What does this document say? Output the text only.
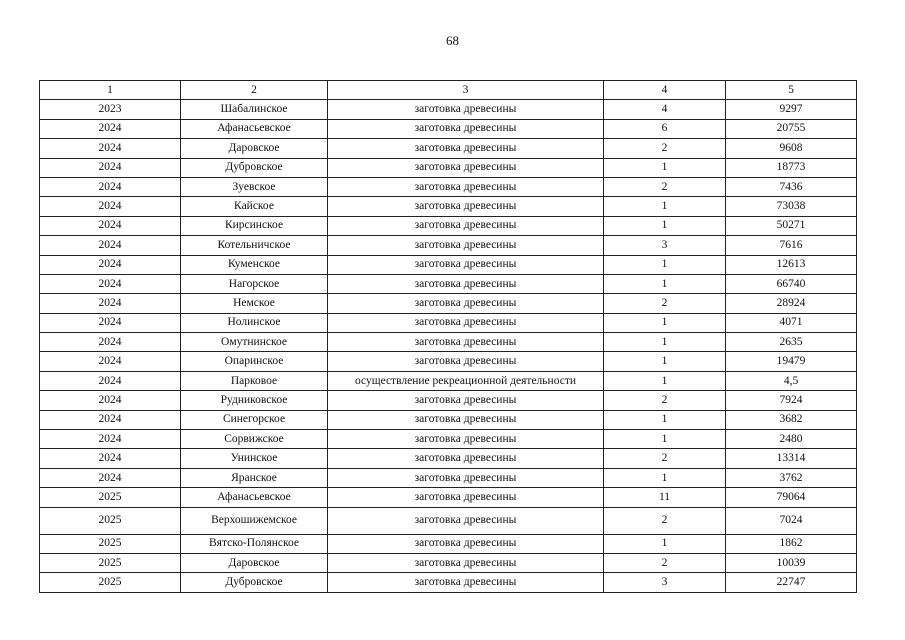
68
1	2	3	4	5
2023	Шабалинское	заготовка древесины	4	9297
2024	Афанасьевское	заготовка древесины	6	20755
2024	Даровское	заготовка древесины	2	9608
2024	Дубровское	заготовка древесины	1	18773
2024	Зуевское	заготовка древесины	2	7436
2024	Кайское	заготовка древесины	1	73038
2024	Кирсинское	заготовка древесины	1	50271
2024	Котельничское	заготовка древесины	3	7616
2024	Куменское	заготовка древесины	1	12613
2024	Нагорское	заготовка древесины	1	66740
2024	Немское	заготовка древесины	2	28924
2024	Нолинское	заготовка древесины	1	4071
2024	Омутнинское	заготовка древесины	1	2635
2024	Опаринское	заготовка древесины	1	19479
2024	Парковое	осуществление рекреационной деятельности	1	4,5
2024	Рудниковское	заготовка древесины	2	7924
2024	Синегорское	заготовка древесины	1	3682
2024	Сорвижское	заготовка древесины	1	2480
2024	Унинское	заготовка древесины	2	13314
2024	Яранское	заготовка древесины	1	3762
2025	Афанасьевское	заготовка древесины	11	79064
2025	Верхошижемское	заготовка древесины	2	7024
2025	Вятско-Полянское	заготовка древесины	1	1862
2025	Даровское	заготовка древесины	2	10039
2025	Дубровское	заготовка древесины	3	22747
